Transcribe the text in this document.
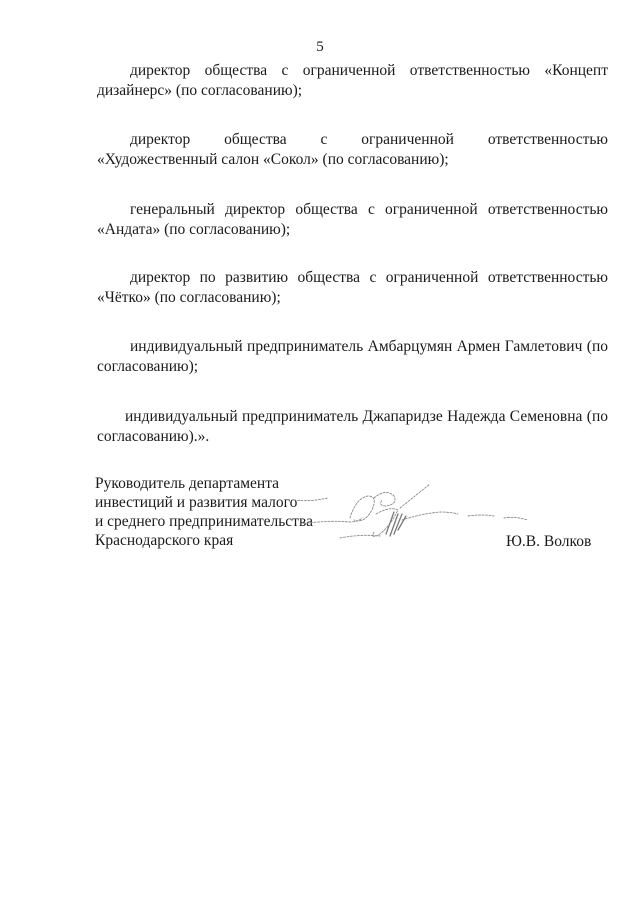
5

директор общества с ограниченной ответственностью «Концепт дизайнерс» (по согласованию);

директор общества с ограниченной ответственностью «Художественный салон «Сокол» (по согласованию);

генеральный директор общества с ограниченной ответственностью «Андата» (по согласованию);

директор по развитию общества с ограниченной ответственностью «Чётко» (по согласованию);

индивидуальный предприниматель Амбарцумян Армен Гамлетович (по согласованию);

индивидуальный предприниматель Джапаридзе Надежда Семеновна (по согласованию).».

Руководитель департамента
инвестиций и развития малого
и среднего предпринимательства
Краснодарского края	Ю.В. Волков
